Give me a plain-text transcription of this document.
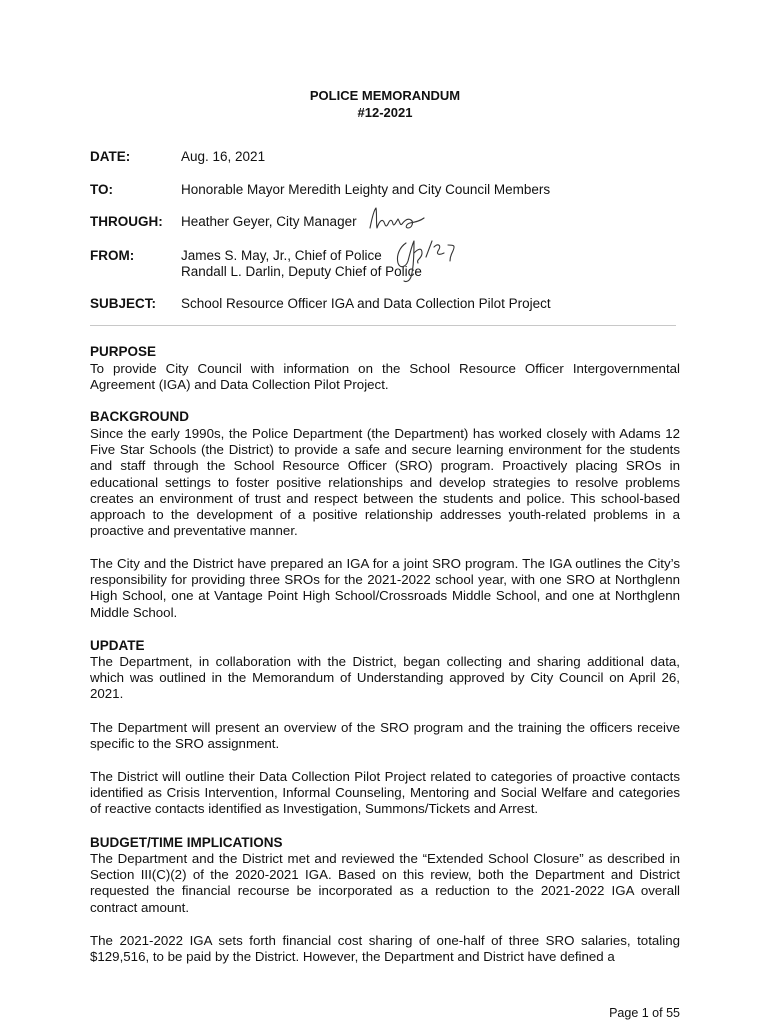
POLICE MEMORANDUM
#12-2021
DATE:	Aug. 16, 2021
TO:	Honorable Mayor Meredith Leighty and City Council Members
THROUGH: Heather Geyer, City Manager
FROM:	James S. May, Jr., Chief of Police
Randall L. Darlin, Deputy Chief of Police
SUBJECT: School Resource Officer IGA and Data Collection Pilot Project
PURPOSE
To provide City Council with information on the School Resource Officer Intergovernmental Agreement (IGA) and Data Collection Pilot Project.
BACKGROUND
Since the early 1990s, the Police Department (the Department) has worked closely with Adams 12 Five Star Schools (the District) to provide a safe and secure learning environment for the students and staff through the School Resource Officer (SRO) program. Proactively placing SROs in educational settings to foster positive relationships and develop strategies to resolve problems creates an environment of trust and respect between the students and police. This school-based approach to the development of a positive relationship addresses youth-related problems in a proactive and preventative manner.
The City and the District have prepared an IGA for a joint SRO program. The IGA outlines the City’s responsibility for providing three SROs for the 2021-2022 school year, with one SRO at Northglenn High School, one at Vantage Point High School/Crossroads Middle School, and one at Northglenn Middle School.
UPDATE
The Department, in collaboration with the District, began collecting and sharing additional data, which was outlined in the Memorandum of Understanding approved by City Council on April 26, 2021.
The Department will present an overview of the SRO program and the training the officers receive specific to the SRO assignment.
The District will outline their Data Collection Pilot Project related to categories of proactive contacts identified as Crisis Intervention, Informal Counseling, Mentoring and Social Welfare and categories of reactive contacts identified as Investigation, Summons/Tickets and Arrest.
BUDGET/TIME IMPLICATIONS
The Department and the District met and reviewed the “Extended School Closure” as described in Section III(C)(2) of the 2020-2021 IGA. Based on this review, both the Department and District requested the financial recourse be incorporated as a reduction to the 2021-2022 IGA overall contract amount.
The 2021-2022 IGA sets forth financial cost sharing of one-half of three SRO salaries, totaling $129,516, to be paid by the District. However, the Department and District have defined a
Page 1 of 55
